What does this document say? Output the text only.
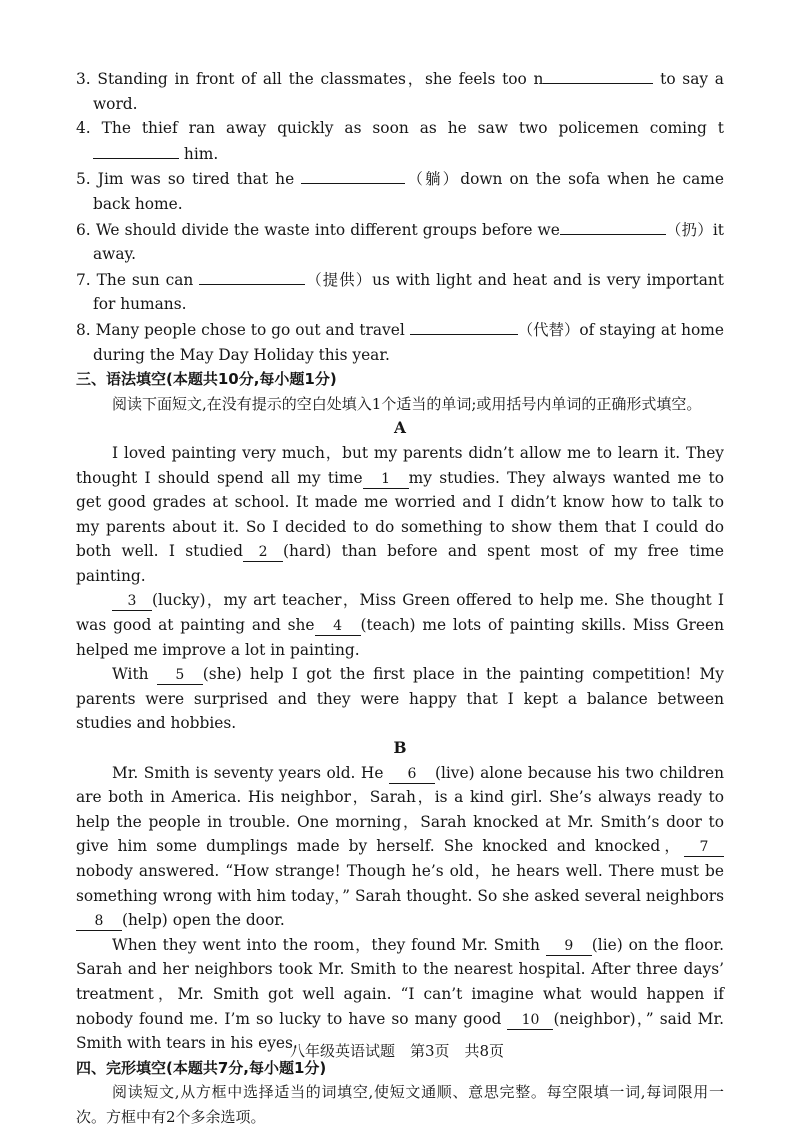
3. Standing in front of all the classmates，she feels too n	to say a word.

4. The thief ran away quickly as soon as he saw two policemen coming t him.

5. Jim was so tired that he	（躺）down on the sofa when he came back home.

6. We should divide the waste into different groups before we	（扔）it away.

7. The sun can	（提供）us with light and heat and is very important for humans.

8. Many people chose to go out and travel	（代替）of staying at home during the May Day Holiday this year.

三、语法填空(本题共10分,每小题1分)

阅读下面短文,在没有提示的空白处填入1个适当的单词;或用括号内单词的正确形式填空。

A

I loved painting very much，but my parents didn’t allow me to learn it. They thought I should spend all my time 1 my studies. They always wanted me to get good grades at school. It made me worried and I didn’t know how to talk to my parents about it. So I decided to do something to show them that I could do both well. I studied 2 (hard) than before and spent most of my free time painting.

3 (lucky)，my art teacher，Miss Green offered to help me. She thought I was good at painting and she 4 (teach) me lots of painting skills. Miss Green helped me improve a lot in painting.

With 5 (she) help I got the first place in the painting competition! My parents were surprised and they were happy that I kept a balance between studies and hobbies.

B

Mr. Smith is seventy years old. He 6 (live) alone because his two children are both in America. His neighbor，Sarah，is a kind girl. She’s always ready to help the people in trouble. One morning，Sarah knocked at Mr. Smith’s door to give him some dumplings made by herself. She knocked and knocked， 7nobody answered. “How strange! Though he’s old，he hears well. There must be something wrong with him today，” Sarah thought. So she asked several neighbors 8 (help) open the door.

When they went into the room，they found Mr. Smith 9 (lie) on the floor. Sarah and her neighbors took Mr. Smith to the nearest hospital. After three days’ treatment，Mr. Smith got well again. “I can’t imagine what would happen if nobody found me. I’m so lucky to have so many good 10 (neighbor)，” said Mr. Smith with tears in his eyes.

四、完形填空(本题共7分,每小题1分)

阅读短文,从方框中选择适当的词填空,使短文通顺、意思完整。每空限填一词,每词限用一次。方框中有2个多余选项。

八年级英语试题　第3页　共8页
